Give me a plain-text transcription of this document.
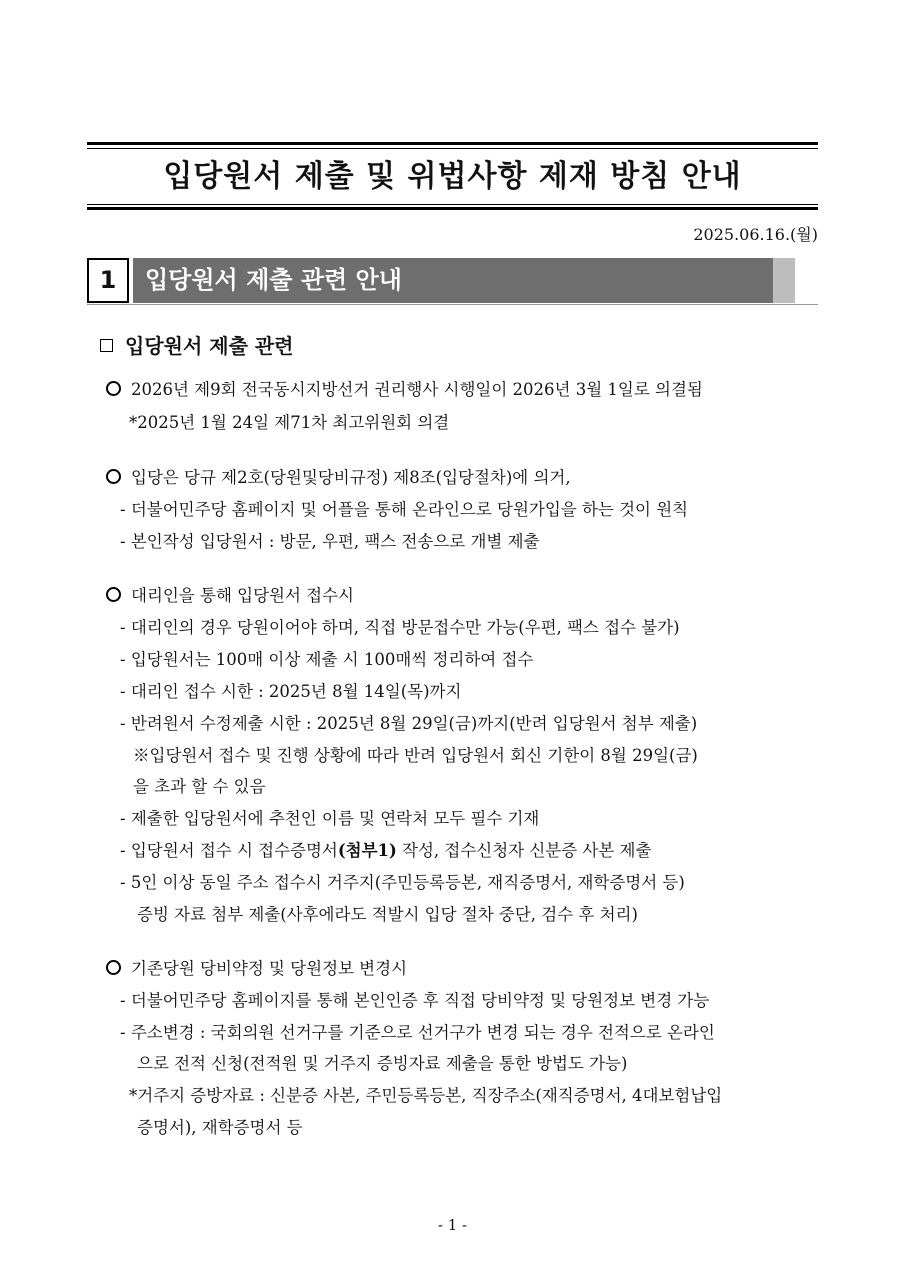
입당원서 제출 및 위법사항 제재 방침 안내
2025.06.16.(월)
1	입당원서 제출 관련 안내
입당원서 제출 관련
2026년 제9회 전국동시지방선거 권리행사 시행일이 2026년 3월 1일로 의결됨
*2025년 1월 24일 제71차 최고위원회 의결
입당은 당규 제2호(당원및당비규정) 제8조(입당절차)에 의거,
- 더불어민주당 홈페이지 및 어플을 통해 온라인으로 당원가입을 하는 것이 원칙
- 본인작성 입당원서 : 방문, 우편, 팩스 전송으로 개별 제출
대리인을 통해 입당원서 접수시
- 대리인의 경우 당원이어야 하며, 직접 방문접수만 가능(우편, 팩스 접수 불가)
- 입당원서는 100매 이상 제출 시 100매씩 정리하여 접수
- 대리인 접수 시한 : 2025년 8월 14일(목)까지
- 반려원서 수정제출 시한 : 2025년 8월 29일(금)까지(반려 입당원서 첨부 제출)
※입당원서 접수 및 진행 상황에 따라 반려 입당원서 회신 기한이 8월 29일(금)
을 초과 할 수 있음
- 제출한 입당원서에 추천인 이름 및 연락처 모두 필수 기재
- 입당원서 접수 시 접수증명서(첨부1) 작성, 접수신청자 신분증 사본 제출
- 5인 이상 동일 주소 접수시 거주지(주민등록등본, 재직증명서, 재학증명서 등)
증빙 자료 첨부 제출(사후에라도 적발시 입당 절차 중단, 검수 후 처리)
기존당원 당비약정 및 당원정보 변경시
- 더불어민주당 홈페이지를 통해 본인인증 후 직접 당비약정 및 당원정보 변경 가능
- 주소변경 : 국회의원 선거구를 기준으로 선거구가 변경 되는 경우 전적으로 온라인
으로 전적 신청(전적원 및 거주지 증빙자료 제출을 통한 방법도 가능)
*거주지 증방자료 : 신분증 사본, 주민등록등본, 직장주소(재직증명서, 4대보험납입
증명서), 재학증명서 등
- 1 -
